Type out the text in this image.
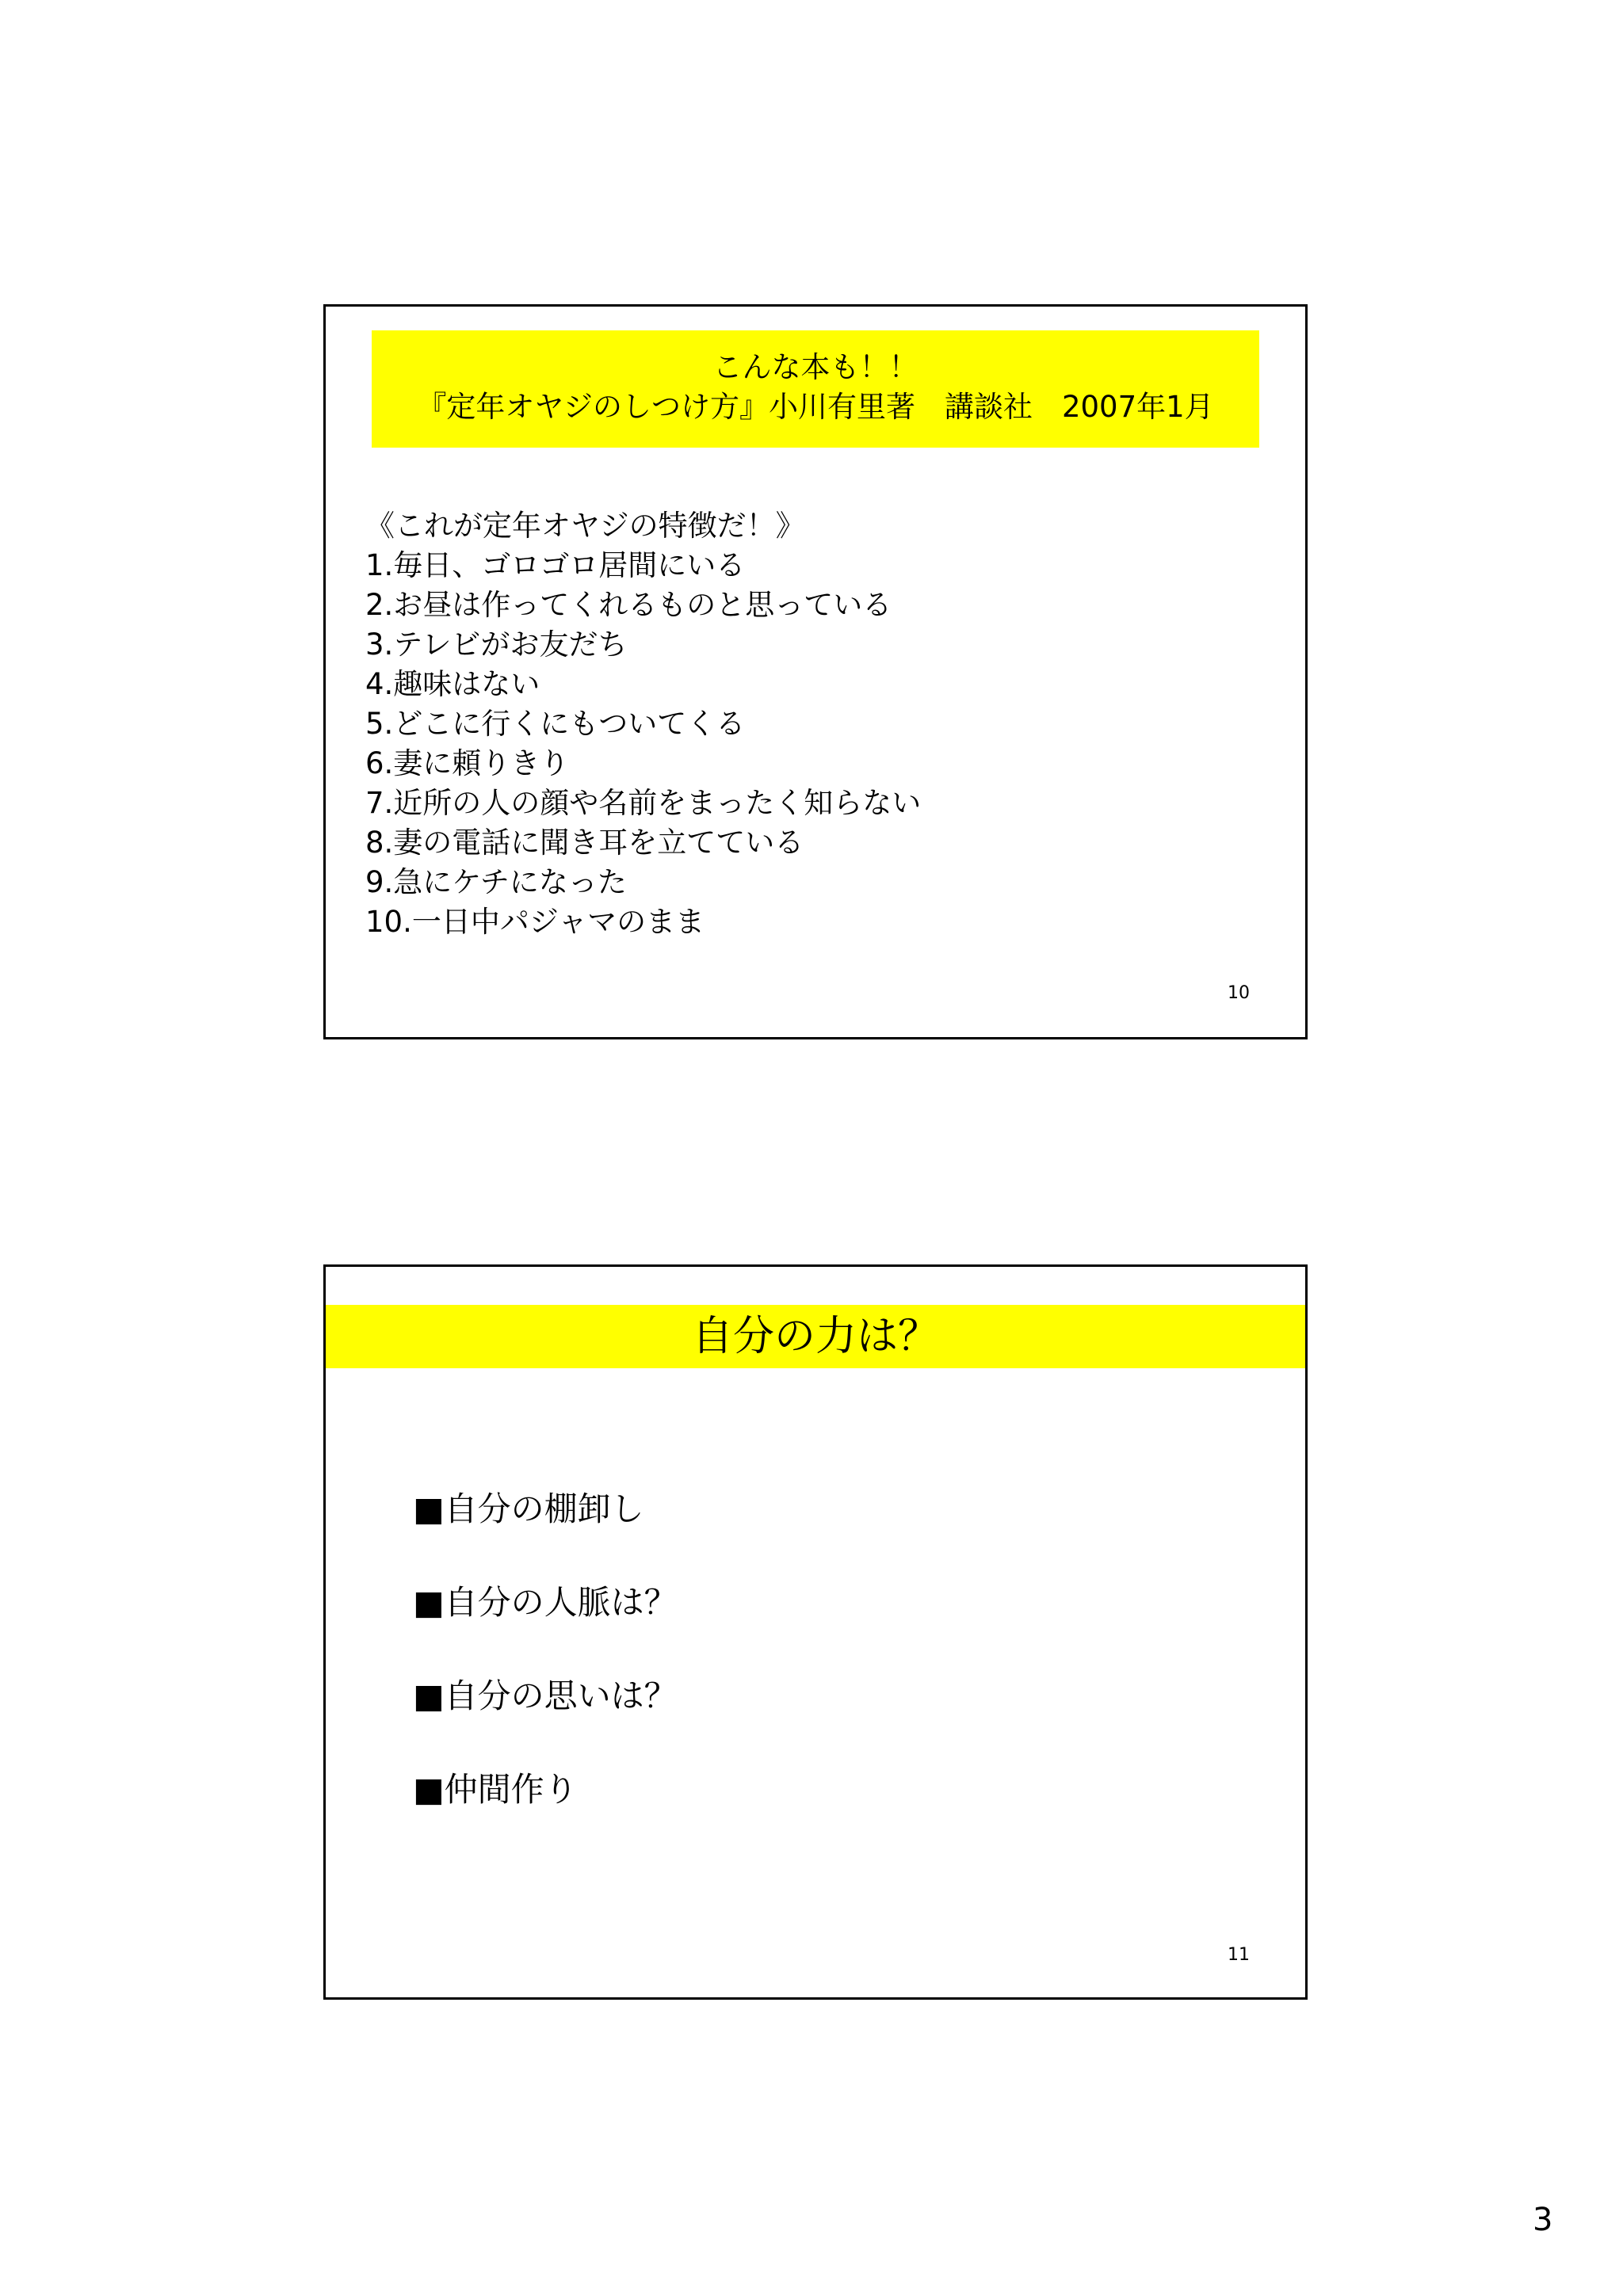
こんな本も！！
『定年オヤジのしつけ方』小川有里著　講談社　2007年1月
《これが定年オヤジの特徴だ！》
1.毎日、ゴロゴロ居間にいる
2.お昼は作ってくれるものと思っている
3.テレビがお友だち
4.趣味はない
5.どこに行くにもついてくる
6.妻に頼りきり
7.近所の人の顔や名前をまったく知らない
8.妻の電話に聞き耳を立てている
9.急にケチになった
10.一日中パジャマのまま
10
自分の力は？
■自分の棚卸し
■自分の人脈は？
■自分の思いは？
■仲間作り
11
3
